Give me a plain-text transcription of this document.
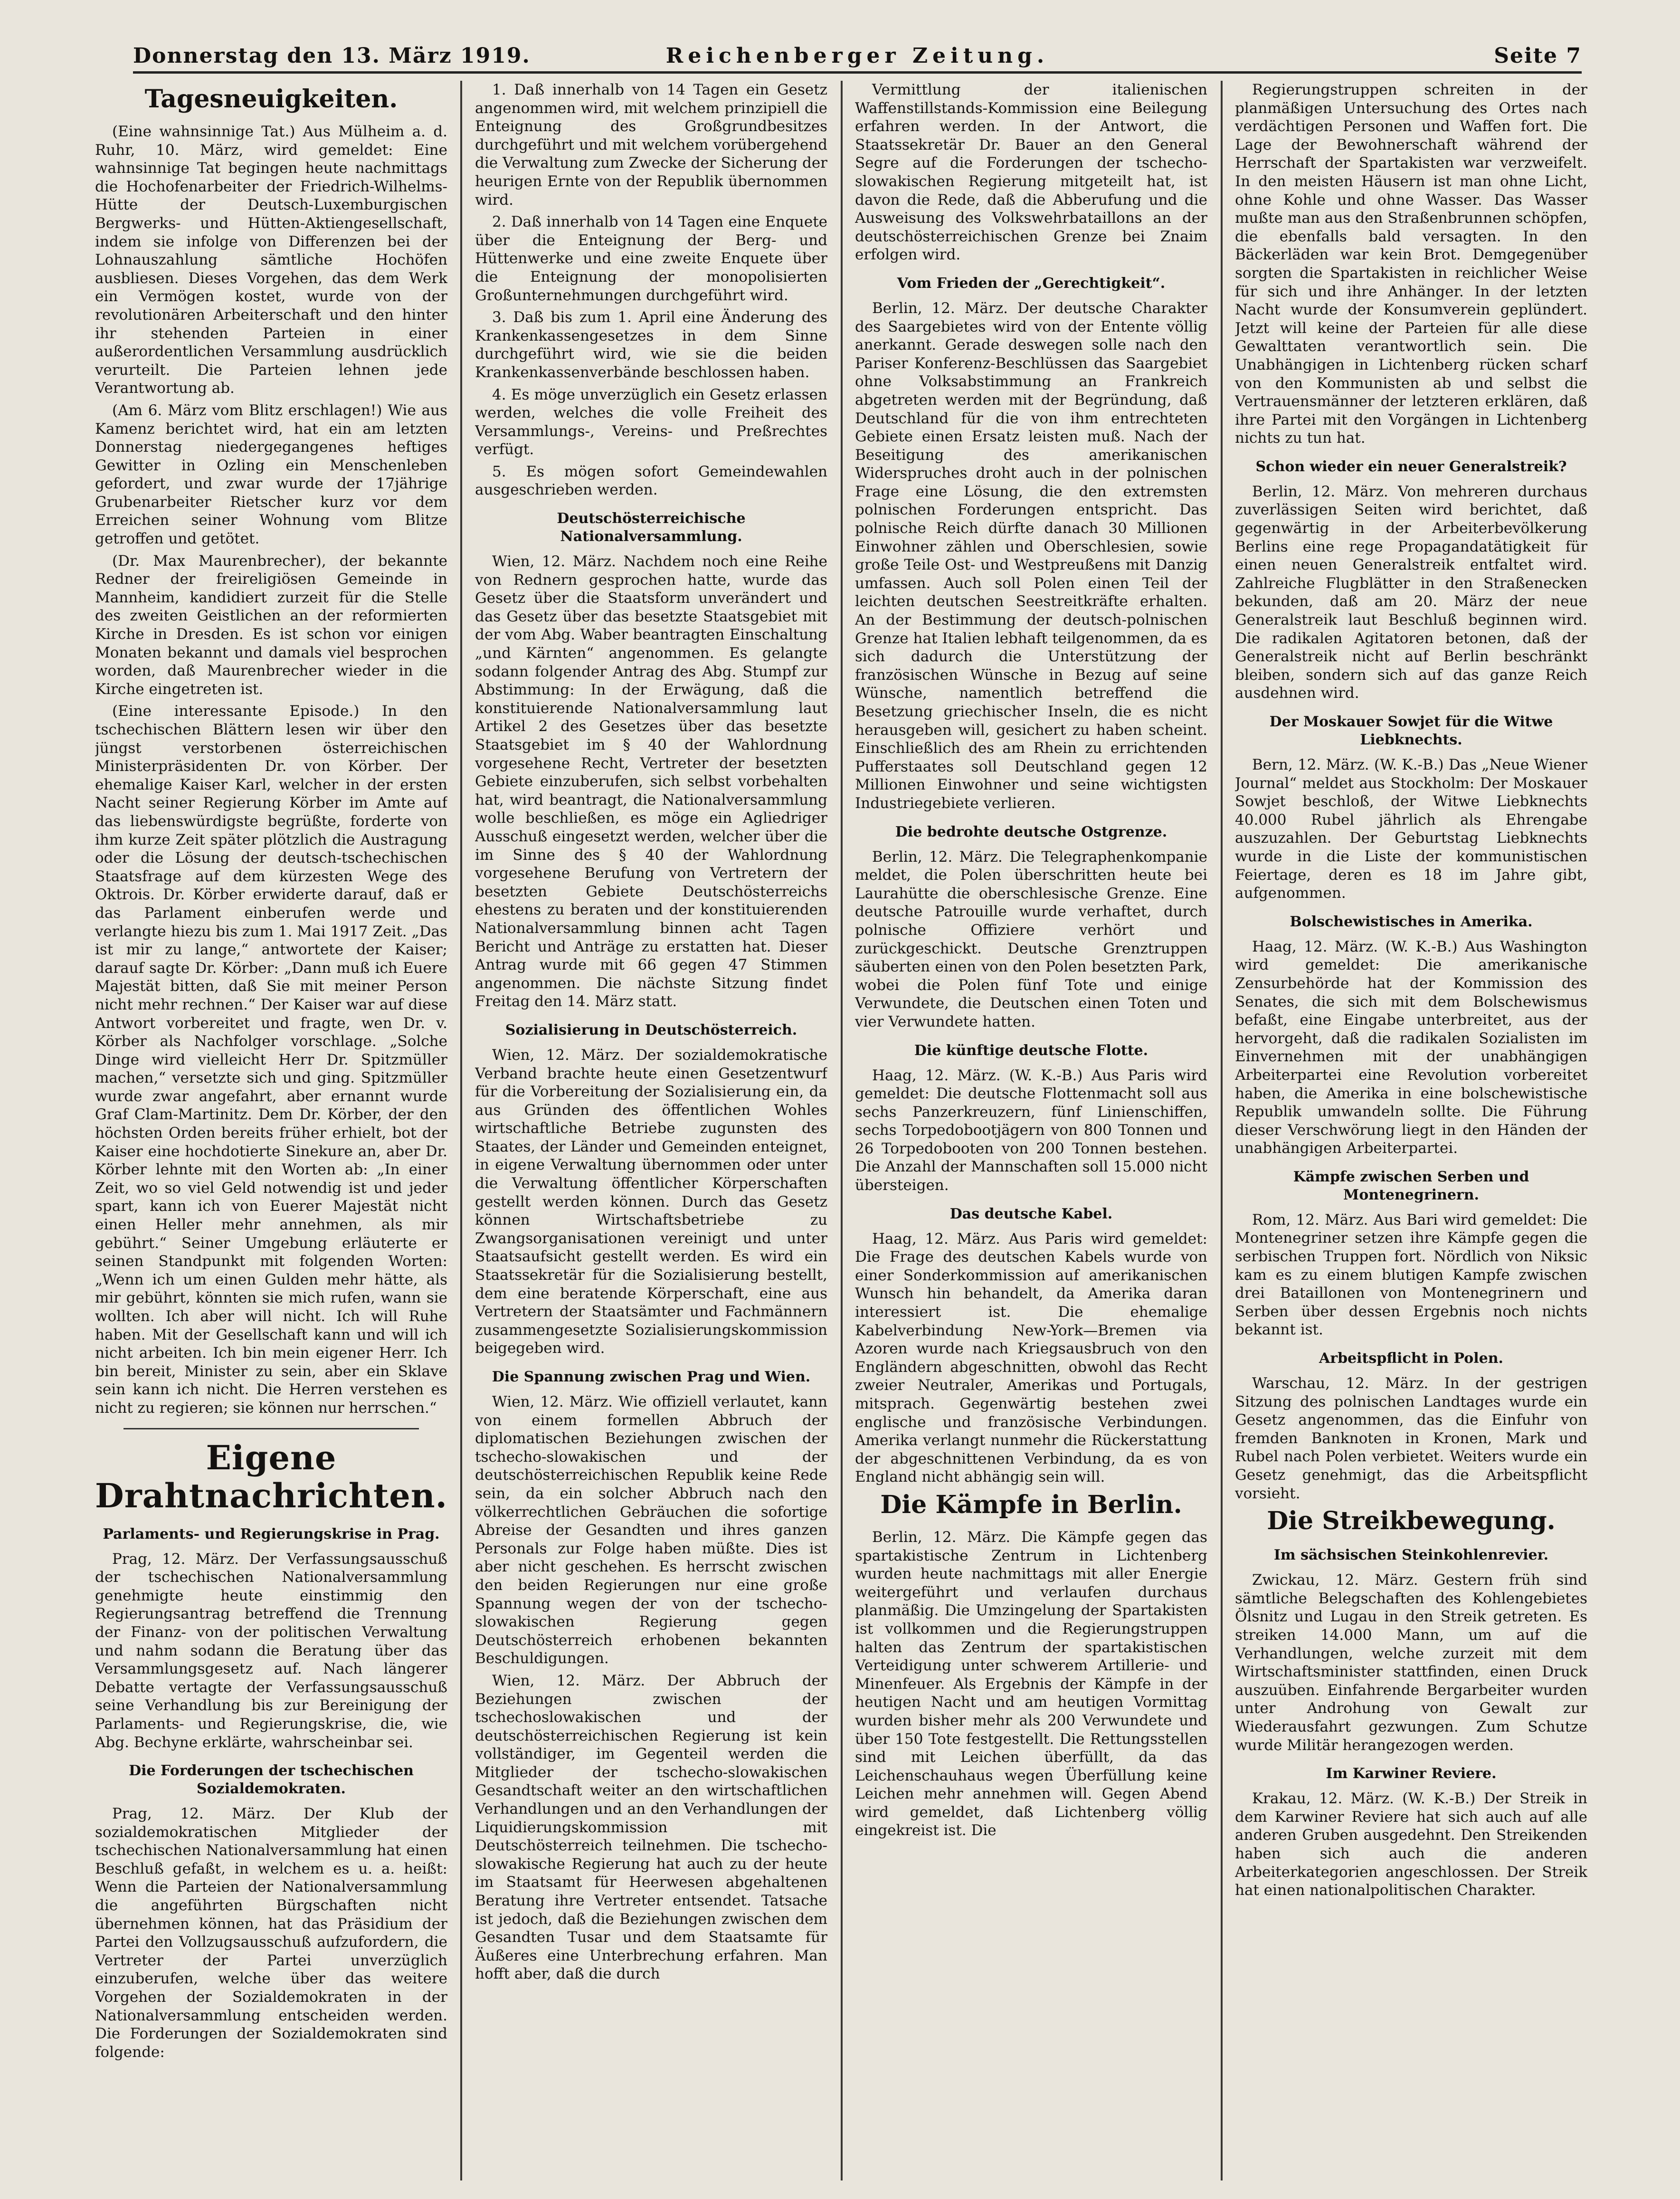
Donnerstag den 13. März 1919.	Reichenberger Zeitung.	Seite 7
Tagesneuigkeiten.

(Eine wahnsinnige Tat.) Aus Mülheim a. d. Ruhr, 10. März, wird gemeldet: Eine wahnsinnige Tat begingen heute nachmittags die Hochofenarbeiter der Friedrich-Wilhelms-Hütte der Deutsch-Luxemburgischen Bergwerks- und Hütten-Aktiengesellschaft, indem sie infolge von Differenzen bei der Lohnauszahlung sämtliche Hochöfen ausbliesen. Dieses Vorgehen, das dem Werk ein Vermögen kostet, wurde von der revolutionären Arbeiterschaft und den hinter ihr stehenden Parteien in einer außerordentlichen Versammlung ausdrücklich verurteilt. Die Parteien lehnen jede Verantwortung ab.

(Am 6. März vom Blitz erschlagen!) Wie aus Kamenz berichtet wird, hat ein am letzten Donnerstag niedergegangenes heftiges Gewitter in Ozling ein Menschenleben gefordert, und zwar wurde der 17jährige Grubenarbeiter Rietscher kurz vor dem Erreichen seiner Wohnung vom Blitze getroffen und getötet.

(Dr. Max Maurenbrecher), der bekannte Redner der freireligiösen Gemeinde in Mannheim, kandidiert zurzeit für die Stelle des zweiten Geistlichen an der reformierten Kirche in Dresden. Es ist schon vor einigen Monaten bekannt und damals viel besprochen worden, daß Maurenbrecher wieder in die Kirche eingetreten ist.

(Eine interessante Episode.) In den tschechischen Blättern lesen wir über den jüngst verstorbenen österreichischen Ministerpräsidenten Dr. von Körber. Der ehemalige Kaiser Karl, welcher in der ersten Nacht seiner Regierung Körber im Amte auf das liebenswürdigste begrüßte, forderte von ihm kurze Zeit später plötzlich die Austragung oder die Lösung der deutsch-tschechischen Staatsfrage auf dem kürzesten Wege des Oktrois. Dr. Körber erwiderte darauf, daß er das Parlament einberufen werde und verlangte hiezu bis zum 1. Mai 1917 Zeit. „Das ist mir zu lange,“ antwortete der Kaiser; darauf sagte Dr. Körber: „Dann muß ich Euere Majestät bitten, daß Sie mit meiner Person nicht mehr rechnen.“ Der Kaiser war auf diese Antwort vorbereitet und fragte, wen Dr. v. Körber als Nachfolger vorschlage. „Solche Dinge wird vielleicht Herr Dr. Spitzmüller machen,“ versetzte sich und ging. Spitzmüller wurde zwar angefahrt, aber ernannt wurde Graf Clam-Martinitz. Dem Dr. Körber, der den höchsten Orden bereits früher erhielt, bot der Kaiser eine hochdotierte Sinekure an, aber Dr. Körber lehnte mit den Worten ab: „In einer Zeit, wo so viel Geld notwendig ist und jeder spart, kann ich von Euerer Majestät nicht einen Heller mehr annehmen, als mir gebührt.“ Seiner Umgebung erläuterte er seinen Standpunkt mit folgenden Worten: „Wenn ich um einen Gulden mehr hätte, als mir gebührt, könnten sie mich rufen, wann sie wollten. Ich aber will nicht. Ich will Ruhe haben. Mit der Gesellschaft kann und will ich nicht arbeiten. Ich bin mein eigener Herr. Ich bin bereit, Minister zu sein, aber ein Sklave sein kann ich nicht. Die Herren verstehen es nicht zu regieren; sie können nur herrschen.“

Eigene Drahtnachrichten.
Parlaments- und Regierungskrise in Prag.

Prag, 12. März. Der Verfassungsausschuß der tschechischen Nationalversammlung genehmigte heute einstimmig den Regierungsantrag betreffend die Trennung der Finanz- von der politischen Verwaltung und nahm sodann die Beratung über das Versammlungsgesetz auf. Nach längerer Debatte vertagte der Verfassungsausschuß seine Verhandlung bis zur Bereinigung der Parlaments- und Regierungskrise, die, wie Abg. Bechyne erklärte, wahrscheinbar sei.

Die Forderungen der tschechischen Sozialdemokraten.

Prag, 12. März. Der Klub der sozialdemokratischen Mitglieder der tschechischen Nationalversammlung hat einen Beschluß gefaßt, in welchem es u. a. heißt: Wenn die Parteien der Nationalversammlung die angeführten Bürgschaften nicht übernehmen können, hat das Präsidium der Partei den Vollzugsausschuß aufzufordern, die Vertreter der Partei unverzüglich einzuberufen, welche über das weitere Vorgehen der Sozialdemokraten in der Nationalversammlung entscheiden werden. Die Forderungen der Sozialdemokraten sind folgende:

1. Daß innerhalb von 14 Tagen ein Gesetz angenommen wird, mit welchem prinzipiell die Enteignung des Großgrundbesitzes durchgeführt und mit welchem vorübergehend die Verwaltung zum Zwecke der Sicherung der heurigen Ernte von der Republik übernommen wird.

2. Daß innerhalb von 14 Tagen eine Enquete über die Enteignung der Berg- und Hüttenwerke und eine zweite Enquete über die Enteignung der monopolisierten Großunternehmungen durchgeführt wird.

3. Daß bis zum 1. April eine Änderung des Krankenkassengesetzes in dem Sinne durchgeführt wird, wie sie die beiden Krankenkassenverbände beschlossen haben.

4. Es möge unverzüglich ein Gesetz erlassen werden, welches die volle Freiheit des Versammlungs-, Vereins- und Preßrechtes verfügt.

5. Es mögen sofort Gemeindewahlen ausgeschrieben werden.

Deutschösterreichische Nationalversammlung.

Wien, 12. März. Nachdem noch eine Reihe von Rednern gesprochen hatte, wurde das Gesetz über die Staatsform unverändert und das Gesetz über das besetzte Staatsgebiet mit der vom Abg. Waber beantragten Einschaltung „und Kärnten“ angenommen. Es gelangte sodann folgender Antrag des Abg. Stumpf zur Abstimmung: In der Erwägung, daß die konstituierende Nationalversammlung laut Artikel 2 des Gesetzes über das besetzte Staatsgebiet im § 40 der Wahlordnung vorgesehene Recht, Vertreter der besetzten Gebiete einzuberufen, sich selbst vorbehalten hat, wird beantragt, die Nationalversammlung wolle beschließen, es möge ein Agliedriger Ausschuß eingesetzt werden, welcher über die im Sinne des § 40 der Wahlordnung vorgesehene Berufung von Vertretern der besetzten Gebiete Deutschösterreichs ehestens zu beraten und der konstituierenden Nationalversammlung binnen acht Tagen Bericht und Anträge zu erstatten hat. Dieser Antrag wurde mit 66 gegen 47 Stimmen angenommen. Die nächste Sitzung findet Freitag den 14. März statt.

Sozialisierung in Deutschösterreich.

Wien, 12. März. Der sozialdemokratische Verband brachte heute einen Gesetzentwurf für die Vorbereitung der Sozialisierung ein, da aus Gründen des öffentlichen Wohles wirtschaftliche Betriebe zugunsten des Staates, der Länder und Gemeinden enteignet, in eigene Verwaltung übernommen oder unter die Verwaltung öffentlicher Körperschaften gestellt werden können. Durch das Gesetz können Wirtschaftsbetriebe zu Zwangsorganisationen vereinigt und unter Staatsaufsicht gestellt werden. Es wird ein Staatssekretär für die Sozialisierung bestellt, dem eine beratende Körperschaft, eine aus Vertretern der Staatsämter und Fachmännern zusammengesetzte Sozialisierungskommission beigegeben wird.

Die Spannung zwischen Prag und Wien.

Wien, 12. März. Wie offiziell verlautet, kann von einem formellen Abbruch der diplomatischen Beziehungen zwischen der tschecho-slowakischen und der deutschösterreichischen Republik keine Rede sein, da ein solcher Abbruch nach den völkerrechtlichen Gebräuchen die sofortige Abreise der Gesandten und ihres ganzen Personals zur Folge haben müßte. Dies ist aber nicht geschehen. Es herrscht zwischen den beiden Regierungen nur eine große Spannung wegen der von der tschecho-slowakischen Regierung gegen Deutschösterreich erhobenen bekannten Beschuldigungen.

Wien, 12. März. Der Abbruch der Beziehungen zwischen der tschechoslowakischen und der deutschösterreichischen Regierung ist kein vollständiger, im Gegenteil werden die Mitglieder der tschecho-slowakischen Gesandtschaft weiter an den wirtschaftlichen Verhandlungen und an den Verhandlungen der Liquidierungskommission mit Deutschösterreich teilnehmen. Die tschecho-slowakische Regierung hat auch zu der heute im Staatsamt für Heerwesen abgehaltenen Beratung ihre Vertreter entsendet. Tatsache ist jedoch, daß die Beziehungen zwischen dem Gesandten Tusar und dem Staatsamte für Äußeres eine Unterbrechung erfahren. Man hofft aber, daß die durch

Vermittlung der italienischen Waffenstillstands-Kommission eine Beilegung erfahren werden. In der Antwort, die Staatssekretär Dr. Bauer an den General Segre auf die Forderungen der tschecho-slowakischen Regierung mitgeteilt hat, ist davon die Rede, daß die Abberufung und die Ausweisung des Volkswehrbataillons an der deutschösterreichischen Grenze bei Znaim erfolgen wird.

Vom Frieden der „Gerechtigkeit“.

Berlin, 12. März. Der deutsche Charakter des Saargebietes wird von der Entente völlig anerkannt. Gerade deswegen solle nach den Pariser Konferenz-Beschlüssen das Saargebiet ohne Volksabstimmung an Frankreich abgetreten werden mit der Begründung, daß Deutschland für die von ihm entrechteten Gebiete einen Ersatz leisten muß. Nach der Beseitigung des amerikanischen Widerspruches droht auch in der polnischen Frage eine Lösung, die den extremsten polnischen Forderungen entspricht. Das polnische Reich dürfte danach 30 Millionen Einwohner zählen und Oberschlesien, sowie große Teile Ost- und Westpreußens mit Danzig umfassen. Auch soll Polen einen Teil der leichten deutschen Seestreitkräfte erhalten. An der Bestimmung der deutsch-polnischen Grenze hat Italien lebhaft teilgenommen, da es sich dadurch die Unterstützung der französischen Wünsche in Bezug auf seine Wünsche, namentlich betreffend die Besetzung griechischer Inseln, die es nicht herausgeben will, gesichert zu haben scheint. Einschließlich des am Rhein zu errichtenden Pufferstaates soll Deutschland gegen 12 Millionen Einwohner und seine wichtigsten Industriegebiete verlieren.

Die bedrohte deutsche Ostgrenze.

Berlin, 12. März. Die Telegraphenkompanie meldet, die Polen überschritten heute bei Laurahütte die oberschlesische Grenze. Eine deutsche Patrouille wurde verhaftet, durch polnische Offiziere verhört und zurückgeschickt. Deutsche Grenztruppen säuberten einen von den Polen besetzten Park, wobei die Polen fünf Tote und einige Verwundete, die Deutschen einen Toten und vier Verwundete hatten.

Die künftige deutsche Flotte.

Haag, 12. März. (W. K.-B.) Aus Paris wird gemeldet: Die deutsche Flottenmacht soll aus sechs Panzerkreuzern, fünf Linienschiffen, sechs Torpedobootjägern von 800 Tonnen und 26 Torpedobooten von 200 Tonnen bestehen. Die Anzahl der Mannschaften soll 15.000 nicht übersteigen.

Das deutsche Kabel.

Haag, 12. März. Aus Paris wird gemeldet: Die Frage des deutschen Kabels wurde von einer Sonderkommission auf amerikanischen Wunsch hin behandelt, da Amerika daran interessiert ist. Die ehemalige Kabelverbindung New-York—Bremen via Azoren wurde nach Kriegsausbruch von den Engländern abgeschnitten, obwohl das Recht zweier Neutraler, Amerikas und Portugals, mitsprach. Gegenwärtig bestehen zwei englische und französische Verbindungen. Amerika verlangt nunmehr die Rückerstattung der abgeschnittenen Verbindung, da es von England nicht abhängig sein will.

Die Kämpfe in Berlin.

Berlin, 12. März. Die Kämpfe gegen das spartakistische Zentrum in Lichtenberg wurden heute nachmittags mit aller Energie weitergeführt und verlaufen durchaus planmäßig. Die Umzingelung der Spartakisten ist vollkommen und die Regierungstruppen halten das Zentrum der spartakistischen Verteidigung unter schwerem Artillerie- und Minenfeuer. Als Ergebnis der Kämpfe in der heutigen Nacht und am heutigen Vormittag wurden bisher mehr als 200 Verwundete und über 150 Tote festgestellt. Die Rettungsstellen sind mit Leichen überfüllt, da das Leichenschauhaus wegen Überfüllung keine Leichen mehr annehmen will. Gegen Abend wird gemeldet, daß Lichtenberg völlig eingekreist ist. Die

Regierungstruppen schreiten in der planmäßigen Untersuchung des Ortes nach verdächtigen Personen und Waffen fort. Die Lage der Bewohnerschaft während der Herrschaft der Spartakisten war verzweifelt. In den meisten Häusern ist man ohne Licht, ohne Kohle und ohne Wasser. Das Wasser mußte man aus den Straßenbrunnen schöpfen, die ebenfalls bald versagten. In den Bäckerläden war kein Brot. Demgegenüber sorgten die Spartakisten in reichlicher Weise für sich und ihre Anhänger. In der letzten Nacht wurde der Konsumverein geplündert. Jetzt will keine der Parteien für alle diese Gewalttaten verantwortlich sein. Die Unabhängigen in Lichtenberg rücken scharf von den Kommunisten ab und selbst die Vertrauensmänner der letzteren erklären, daß ihre Partei mit den Vorgängen in Lichtenberg nichts zu tun hat.

Schon wieder ein neuer Generalstreik?

Berlin, 12. März. Von mehreren durchaus zuverlässigen Seiten wird berichtet, daß gegenwärtig in der Arbeiterbevölkerung Berlins eine rege Propagandatätigkeit für einen neuen Generalstreik entfaltet wird. Zahlreiche Flugblätter in den Straßenecken bekunden, daß am 20. März der neue Generalstreik laut Beschluß beginnen wird. Die radikalen Agitatoren betonen, daß der Generalstreik nicht auf Berlin beschränkt bleiben, sondern sich auf das ganze Reich ausdehnen wird.

Der Moskauer Sowjet für die Witwe Liebknechts.

Bern, 12. März. (W. K.-B.) Das „Neue Wiener Journal“ meldet aus Stockholm: Der Moskauer Sowjet beschloß, der Witwe Liebknechts 40.000 Rubel jährlich als Ehrengabe auszuzahlen. Der Geburtstag Liebknechts wurde in die Liste der kommunistischen Feiertage, deren es 18 im Jahre gibt, aufgenommen.

Bolschewistisches in Amerika.

Haag, 12. März. (W. K.-B.) Aus Washington wird gemeldet: Die amerikanische Zensurbehörde hat der Kommission des Senates, die sich mit dem Bolschewismus befaßt, eine Eingabe unterbreitet, aus der hervorgeht, daß die radikalen Sozialisten im Einvernehmen mit der unabhängigen Arbeiterpartei eine Revolution vorbereitet haben, die Amerika in eine bolschewistische Republik umwandeln sollte. Die Führung dieser Verschwörung liegt in den Händen der unabhängigen Arbeiterpartei.

Kämpfe zwischen Serben und Montenegrinern.

Rom, 12. März. Aus Bari wird gemeldet: Die Montenegriner setzen ihre Kämpfe gegen die serbischen Truppen fort. Nördlich von Niksic kam es zu einem blutigen Kampfe zwischen drei Bataillonen von Montenegrinern und Serben über dessen Ergebnis noch nichts bekannt ist.

Arbeitspflicht in Polen.

Warschau, 12. März. In der gestrigen Sitzung des polnischen Landtages wurde ein Gesetz angenommen, das die Einfuhr von fremden Banknoten in Kronen, Mark und Rubel nach Polen verbietet. Weiters wurde ein Gesetz genehmigt, das die Arbeitspflicht vorsieht.

Die Streikbewegung.
Im sächsischen Steinkohlenrevier.

Zwickau, 12. März. Gestern früh sind sämtliche Belegschaften des Kohlengebietes Ölsnitz und Lugau in den Streik getreten. Es streiken 14.000 Mann, um auf die Verhandlungen, welche zurzeit mit dem Wirtschaftsminister stattfinden, einen Druck auszuüben. Einfahrende Bergarbeiter wurden unter Androhung von Gewalt zur Wiederausfahrt gezwungen. Zum Schutze wurde Militär herangezogen werden.

Im Karwiner Reviere.

Krakau, 12. März. (W. K.-B.) Der Streik in dem Karwiner Reviere hat sich auch auf alle anderen Gruben ausgedehnt. Den Streikenden haben sich auch die anderen Arbeiterkategorien angeschlossen. Der Streik hat einen nationalpolitischen Charakter.
